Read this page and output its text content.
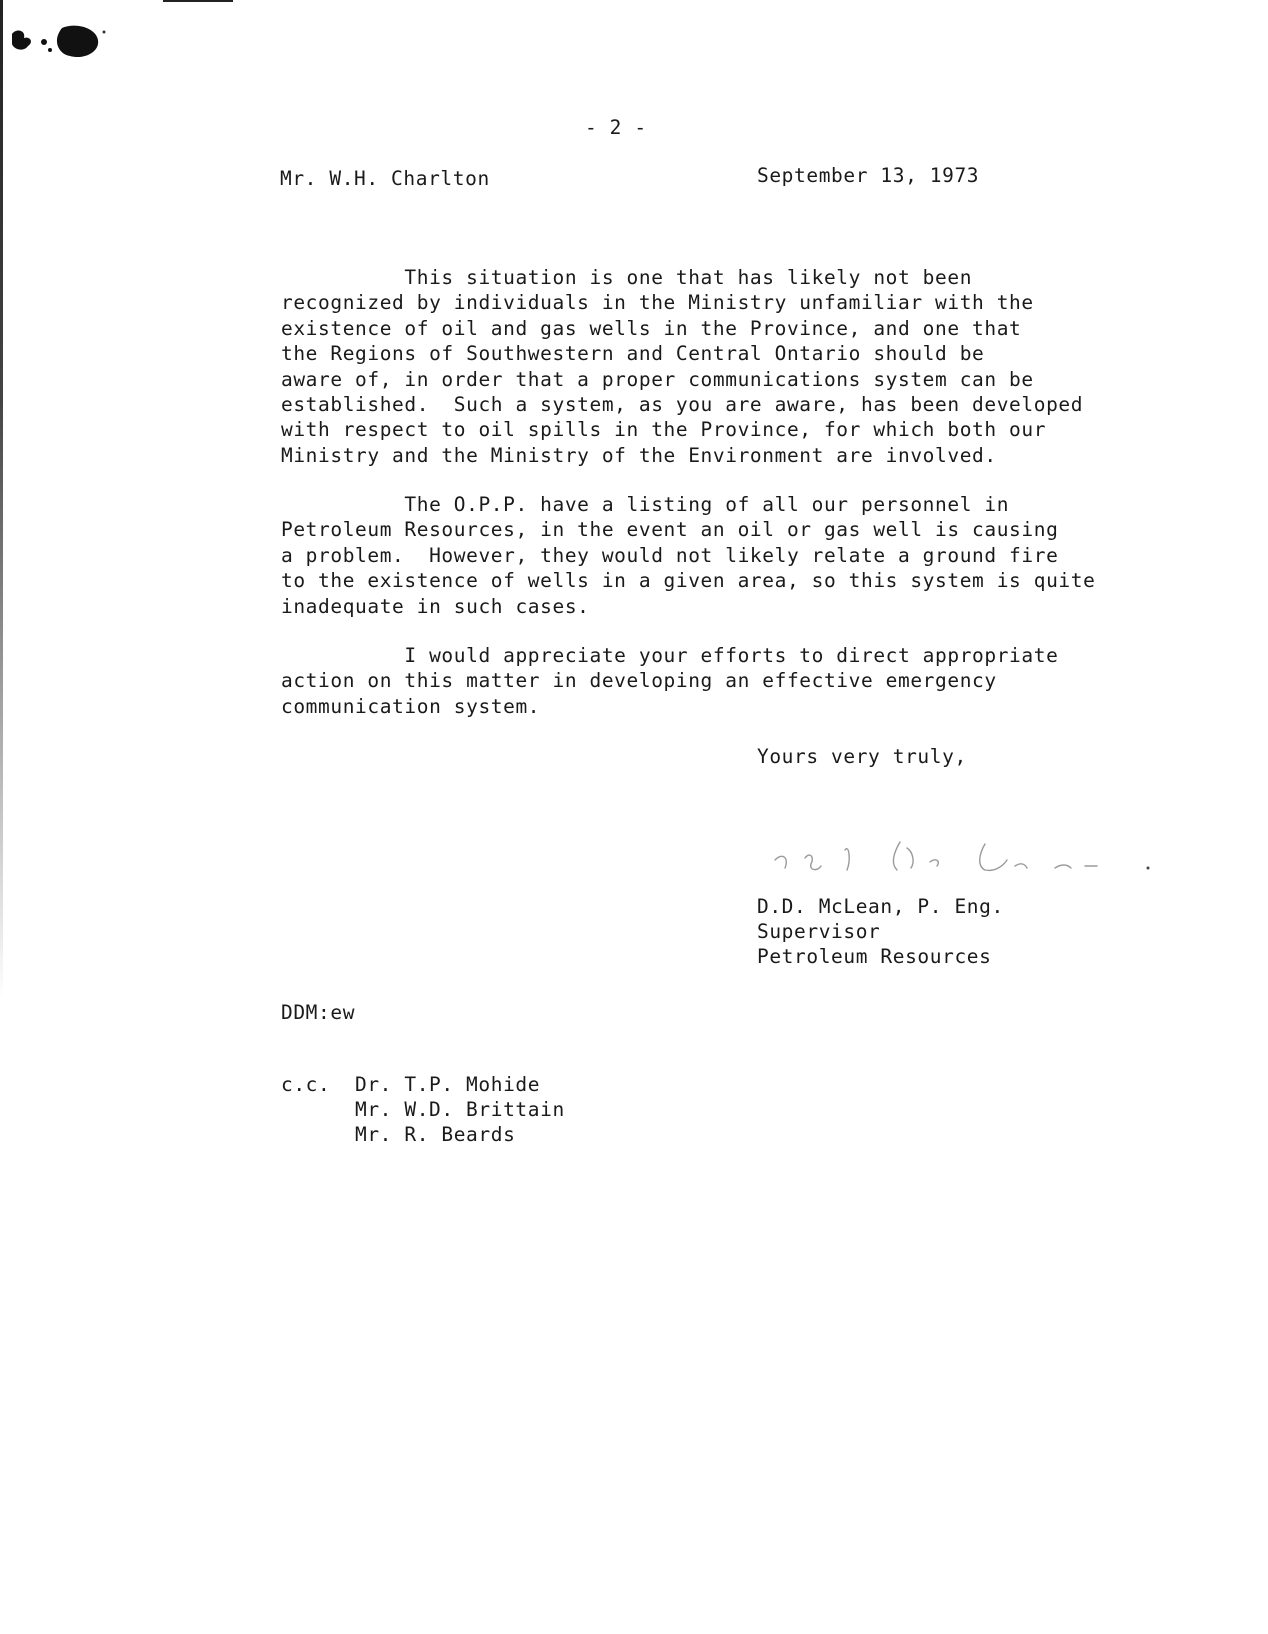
- 2 -
Mr. W.H. Charlton	September 13, 1973
This situation is one that has likely not been
recognized by individuals in the Ministry unfamiliar with the
existence of oil and gas wells in the Province, and one that
the Regions of Southwestern and Central Ontario should be
aware of, in order that a proper communications system can be
established.  Such a system, as you are aware, has been developed
with respect to oil spills in the Province, for which both our
Ministry and the Ministry of the Environment are involved.
The O.P.P. have a listing of all our personnel in
Petroleum Resources, in the event an oil or gas well is causing
a problem.  However, they would not likely relate a ground fire
to the existence of wells in a given area, so this system is quite
inadequate in such cases.
I would appreciate your efforts to direct appropriate
action on this matter in developing an effective emergency
communication system.
Yours very truly,
D.D. McLean, P. Eng.
Supervisor
Petroleum Resources
DDM:ew
c.c. Dr. T.P. Mohide
Mr. W.D. Brittain
Mr. R. Beards
